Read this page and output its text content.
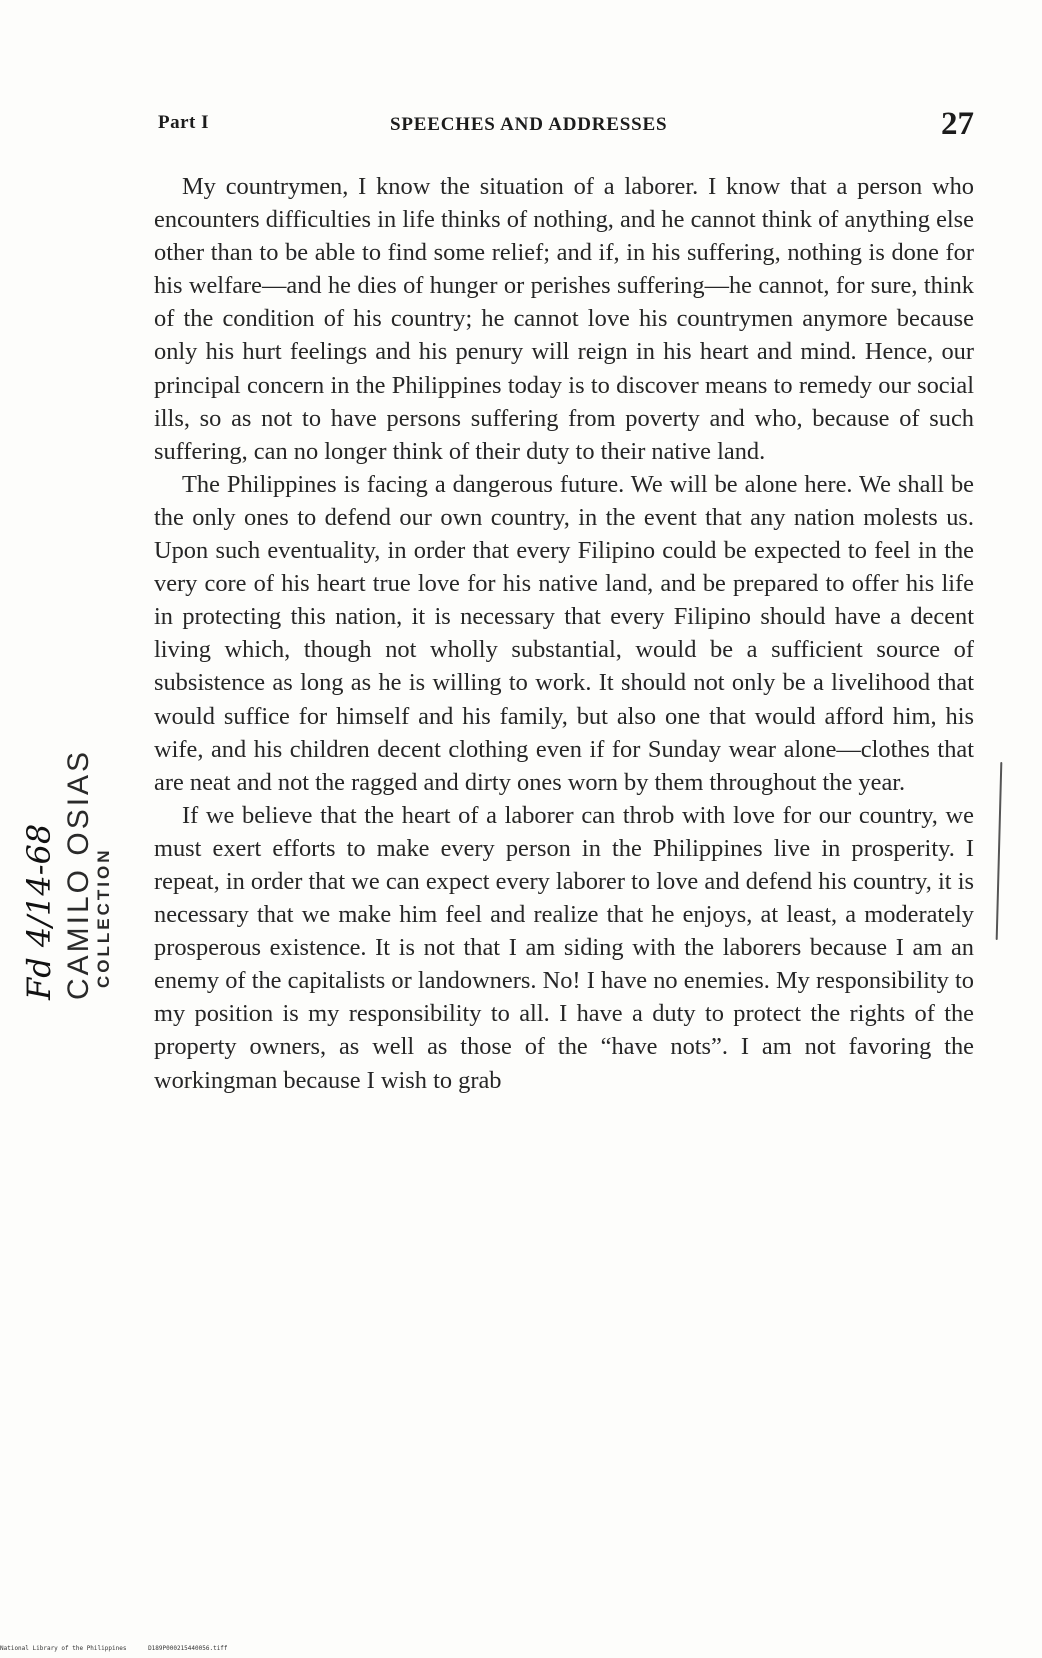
Part I	SPEECHES AND ADDRESSES	27

My countrymen, I know the situation of a laborer. I know that a person who encounters difficulties in life thinks of nothing, and he cannot think of anything else other than to be able to find some relief; and if, in his suffering, nothing is done for his welfare—and he dies of hunger or perishes suffering—he cannot, for sure, think of the condition of his country; he cannot love his countrymen anymore because only his hurt feelings and his penury will reign in his heart and mind. Hence, our principal concern in the Philippines today is to discover means to remedy our social ills, so as not to have persons suffering from poverty and who, because of such suffering, can no longer think of their duty to their native land.

The Philippines is facing a dangerous future. We will be alone here. We shall be the only ones to defend our own country, in the event that any nation molests us. Upon such eventuality, in order that every Filipino could be expected to feel in the very core of his heart true love for his native land, and be prepared to offer his life in protecting this nation, it is necessary that every Filipino should have a decent living which, though not wholly substantial, would be a sufficient source of subsistence as long as he is willing to work. It should not only be a livelihood that would suffice for himself and his family, but also one that would afford him, his wife, and his children decent clothing even if for Sunday wear alone—clothes that are neat and not the ragged and dirty ones worn by them throughout the year.

If we believe that the heart of a laborer can throb with love for our country, we must exert efforts to make every person in the Philippines live in prosperity. I repeat, in order that we can expect every laborer to love and defend his country, it is necessary that we make him feel and realize that he enjoys, at least, a moderately prosperous existence. It is not that I am siding with the laborers because I am an enemy of the capitalists or landowners. No! I have no enemies. My responsibility to my position is my responsibility to all. I have a duty to protect the rights of the property owners, as well as those of the “have nots”. I am not favoring the workingman because I wish to grab

Fd 4/14-68 CAMILO OSIAS COLLECTION
National Library of the Philippines	D189P000215440056.tiff
